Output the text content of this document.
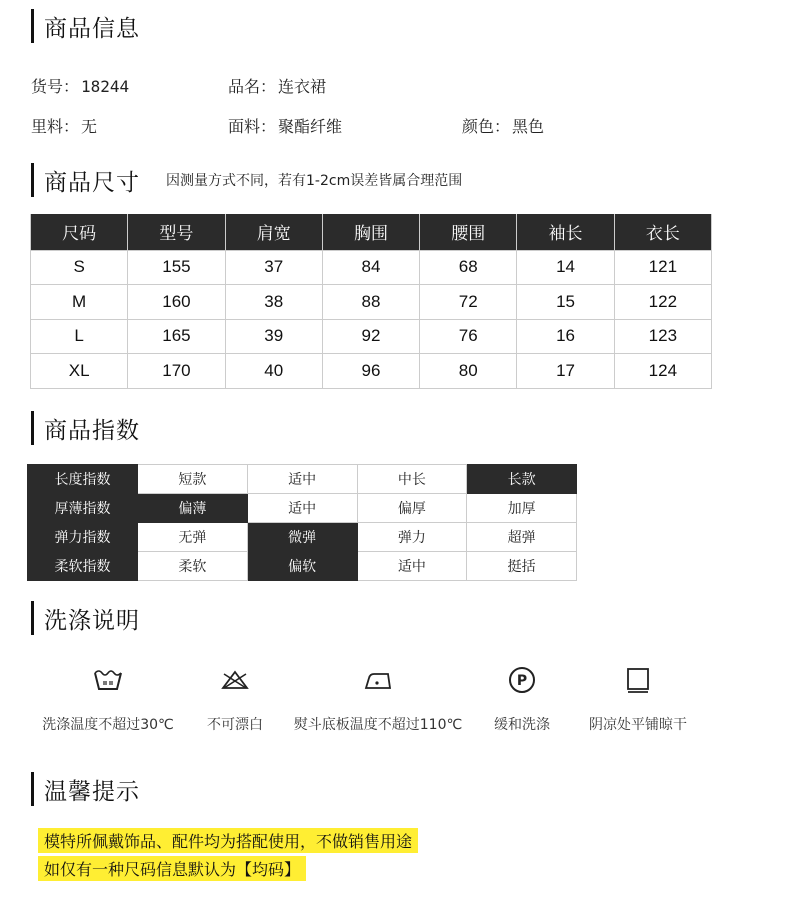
商品信息
货号： 18244	品名： 连衣裙
里料： 无	面料： 聚酯纤维	颜色： 黑色
商品尺寸 因测量方式不同，若有1-2cm误差皆属合理范围
尺码	型号	肩宽	胸围	腰围	袖长	衣长
S	155	37	84	68	14	121
M	160	38	88	72	15	122
L	165	39	92	76	16	123
XL	170	40	96	80	17	124
商品指数
长度指数	短款	适中	中长	长款
厚薄指数	偏薄	适中	偏厚	加厚
弹力指数	无弹	微弹	弹力	超弹
柔软指数	柔软	偏软	适中	挺括
洗涤说明
洗涤温度不超过30℃	不可漂白	熨斗底板温度不超过110℃
P
缓和洗涤	阴凉处平铺晾干
温馨提示
模特所佩戴饰品、配件均为搭配使用，不做销售用途
如仅有一种尺码信息默认为【均码】
